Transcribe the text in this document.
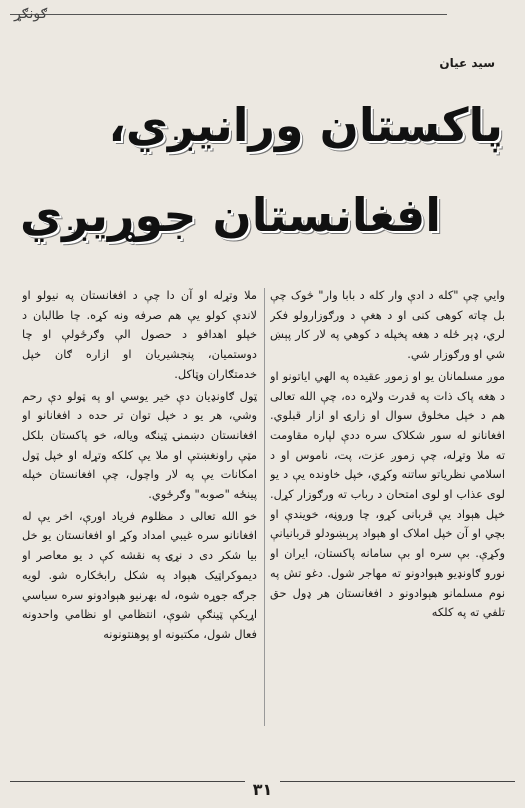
ګونګړ
سيد عيان
پاکستان ورانيږي،
افغانستان جوړيږي

وايي چې "کله د ادې وار کله د بابا وار" څوک چې بل چاته کوهی کنی او د هغې د ورګوزارولو فکر لري، ډېر ځله د هغه پخپله د کوهي په لار کار پېښ شي او ورګوزار شي.

موږ مسلمانان يو او زموږ عقيده په الهي اياتونو او د هغه پاک ذات په قدرت ولاړه ده، چې الله تعالی هم د خپل مخلوق سوال او زارۍ او ازار قبلوي. افغانانو له سور شکلاک سره ددې لپاره مقاومت ته ملا وتړله، چې زموږ عزت، پت، ناموس او د اسلامي نظرياتو ساتنه وکړي، خپل خاونده يې د يو لوی عذاب او لوی امتحان د رباب ته ورګوزار کړل. خپل هېواد يې قربانی کړو، چا وروڼه، خويندې او بچي او آن خپل املاک او هېواد پرېښودلو قربانيانې وکړې. بې سره او بې سامانه پاکستان، ايران او نورو ګاونډيو هېوادونو ته مهاجر شول. دغو تش په نوم مسلمانو هېوادونو د افغانستان هر ډول حق تلفي ته په کلکه

ملا وتړله او آن دا چې د افغانستان په نيولو او لاندې کولو يې هم صرفه ونه کړه. چا طالبان د خپلو اهدافو د حصول الې وګرځولې او چا دوستميان، پنجشيريان او ازاره ګان خپل خدمتګاران وټاکل.

ټول ګاونډيان دې خير يوسي او په ټولو دې رحم وشي، هر يو د خپل توان تر حده د افغانانو او افغانستان دښمنۍ ټينګه وياله، خو پاکستان بلکل مټې راونغښتې او ملا يې کلکه وتړله او خپل ټول امکانات يې په لار واچول، چې افغانستان خپله پينځه "صوبه" وګرځوي.

خو الله تعالی د مظلوم فرياد اورې، اخر يې له افغانانو سره غيبي امداد وکړ او افغانستان يو خل بيا شکر دی د نړۍ په نقشه کې د يو معاصر او ديموکراټيک هېواد په شکل رابڅکاره شو. لويه جرګه جوړه شوه، له بهرنيو هېوادونو سره سياسي اړيکې ټينګې شوې، انتظامي او نظامي واحدونه فعال شول، مکتبونه او پوهنتونونه

۳۱
